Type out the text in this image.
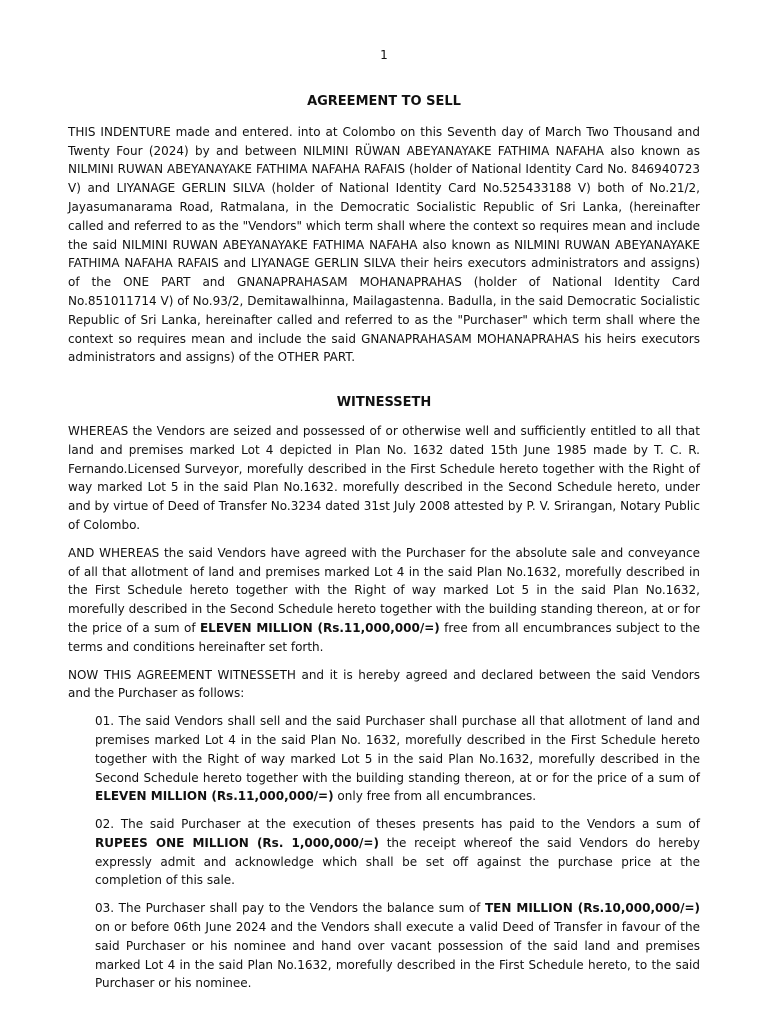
1
AGREEMENT TO SELL

THIS INDENTURE made and entered. into at Colombo on this Seventh day of March Two Thousand and Twenty Four (2024) by and between NILMINI RÜWAN ABEYANAYAKE FATHIMA NAFAHA also known as NILMINI RUWAN ABEYANAYAKE FATHIMA NAFAHA RAFAIS (holder of National Identity Card No. 846940723 V) and LIYANAGE GERLIN SILVA (holder of National Identity Card No.525433188 V) both of No.21/2, Jayasumanarama Road, Ratmalana, in the Democratic Socialistic Republic of Sri Lanka, (hereinafter called and referred to as the "Vendors" which term shall where the context so requires mean and include the said NILMINI RUWAN ABEYANAYAKE FATHIMA NAFAHA also known as NILMINI RUWAN ABEYANAYAKE FATHIMA NAFAHA RAFAIS and LIYANAGE GERLIN SILVA their heirs executors administrators and assigns) of the ONE PART and GNANAPRAHASAM MOHANAPRAHAS (holder of National Identity Card No.851011714 V) of No.93/2, Demitawalhinna, Mailagastenna. Badulla, in the said Democratic Socialistic Republic of Sri Lanka, hereinafter called and referred to as the "Purchaser" which term shall where the context so requires mean and include the said GNANAPRAHASAM MOHANAPRAHAS his heirs executors administrators and assigns) of the OTHER PART.

WITNESSETH

WHEREAS the Vendors are seized and possessed of or otherwise well and sufficiently entitled to all that land and premises marked Lot 4 depicted in Plan No. 1632 dated 15th June 1985 made by T. C. R. Fernando.Licensed Surveyor, morefully described in the First Schedule hereto together with the Right of way marked Lot 5 in the said Plan No.1632. morefully described in the Second Schedule hereto, under and by virtue of Deed of Transfer No.3234 dated 31st July 2008 attested by P. V. Srirangan, Notary Public of Colombo.

AND WHEREAS the said Vendors have agreed with the Purchaser for the absolute sale and conveyance of all that allotment of land and premises marked Lot 4 in the said Plan No.1632, morefully described in the First Schedule hereto together with the Right of way marked Lot 5 in the said Plan No.1632, morefully described in the Second Schedule hereto together with the building standing thereon, at or for the price of a sum of ELEVEN MILLION (Rs.11,000,000/=) free from all encumbrances subject to the terms and conditions hereinafter set forth.

NOW THIS AGREEMENT WITNESSETH and it is hereby agreed and declared between the said Vendors and the Purchaser as follows:

01. The said Vendors shall sell and the said Purchaser shall purchase all that allotment of land and premises marked Lot 4 in the said Plan No. 1632, morefully described in the First Schedule hereto together with the Right of way marked Lot 5 in the said Plan No.1632, morefully described in the Second Schedule hereto together with the building standing thereon, at or for the price of a sum of ELEVEN MILLION (Rs.11,000,000/=) only free from all encumbrances.

02. The said Purchaser at the execution of theses presents has paid to the Vendors a sum of RUPEES ONE MILLION (Rs. 1,000,000/=) the receipt whereof the said Vendors do hereby expressly admit and acknowledge which shall be set off against the purchase price at the completion of this sale.

03. The Purchaser shall pay to the Vendors the balance sum of TEN MILLION (Rs.10,000,000/=) on or before 06th June 2024 and the Vendors shall execute a valid Deed of Transfer in favour of the said Purchaser or his nominee and hand over vacant possession of the said land and premises marked Lot 4 in the said Plan No.1632, morefully described in the First Schedule hereto, to the said Purchaser or his nominee.
